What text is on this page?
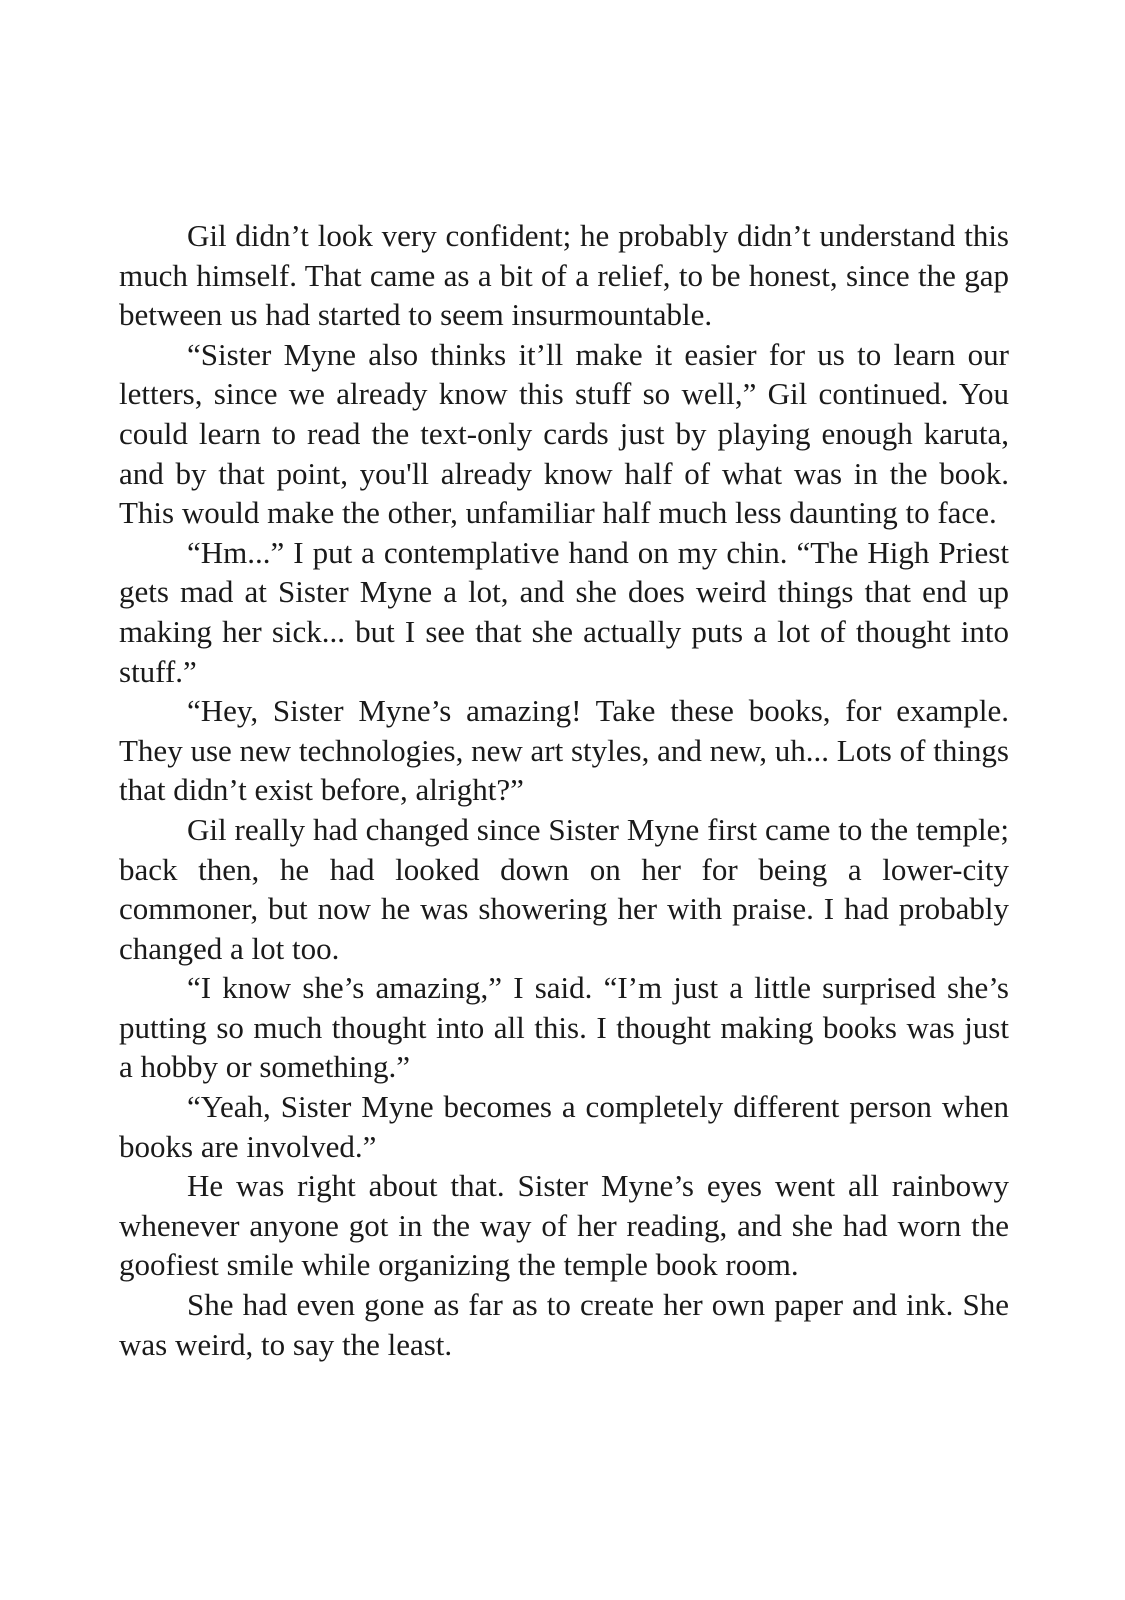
Gil didn’t look very confident; he probably didn’t understand this much himself. That came as a bit of a relief, to be honest, since the gap between us had started to seem insurmountable.

“Sister Myne also thinks it’ll make it easier for us to learn our letters, since we already know this stuff so well,” Gil continued. You could learn to read the text-only cards just by playing enough karuta, and by that point, you'll already know half of what was in the book. This would make the other, unfamiliar half much less daunting to face.

“Hm...” I put a contemplative hand on my chin. “The High Priest gets mad at Sister Myne a lot, and she does weird things that end up making her sick... but I see that she actually puts a lot of thought into stuff.”

“Hey, Sister Myne’s amazing! Take these books, for example. They use new technologies, new art styles, and new, uh... Lots of things that didn’t exist before, alright?”

Gil really had changed since Sister Myne first came to the temple; back then, he had looked down on her for being a lower-city commoner, but now he was showering her with praise. I had probably changed a lot too.

“I know she’s amazing,” I said. “I’m just a little surprised she’s putting so much thought into all this. I thought making books was just a hobby or something.”

“Yeah, Sister Myne becomes a completely different person when books are involved.”

He was right about that. Sister Myne’s eyes went all rainbowy whenever anyone got in the way of her reading, and she had worn the goofiest smile while organizing the temple book room.

She had even gone as far as to create her own paper and ink. She was weird, to say the least.
